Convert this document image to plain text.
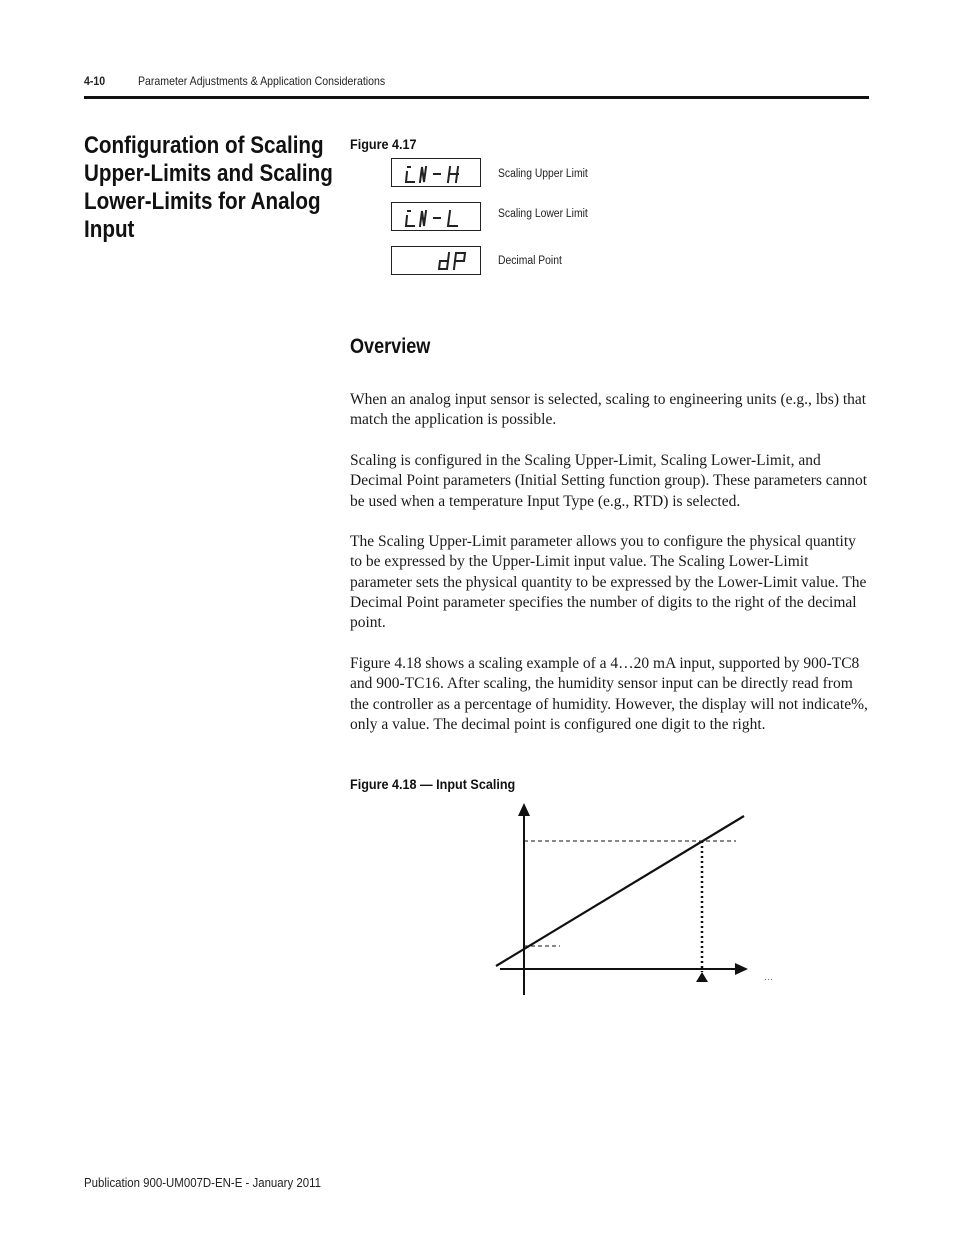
4-10	Parameter Adjustments & Application Considerations
Configuration of Scaling Upper-Limits and Scaling Lower-Limits for Analog Input
Figure 4.17
Scaling Upper Limit
Scaling Lower Limit
Decimal Point
Overview
When an analog input sensor is selected, scaling to engineering units (e.g., lbs) that match the application is possible.
Scaling is configured in the Scaling Upper-Limit, Scaling Lower-Limit, and Decimal Point parameters (Initial Setting function group). These parameters cannot be used when a temperature Input Type (e.g., RTD) is selected.
The Scaling Upper-Limit parameter allows you to configure the physical quantity to be expressed by the Upper-Limit input value. The Scaling Lower-Limit parameter sets the physical quantity to be expressed by the Lower-Limit value. The Decimal Point parameter specifies the number of digits to the right of the decimal point.
Figure 4.18 shows a scaling example of a 4…20 mA input, supported by 900-TC8 and 900-TC16. After scaling, the humidity sensor input can be directly read from the controller as a percentage of humidity. However, the display will not indicate%, only a value. The decimal point is configured one digit to the right.
Figure 4.18 — Input Scaling
…
Publication 900-UM007D-EN-E - January 2011
